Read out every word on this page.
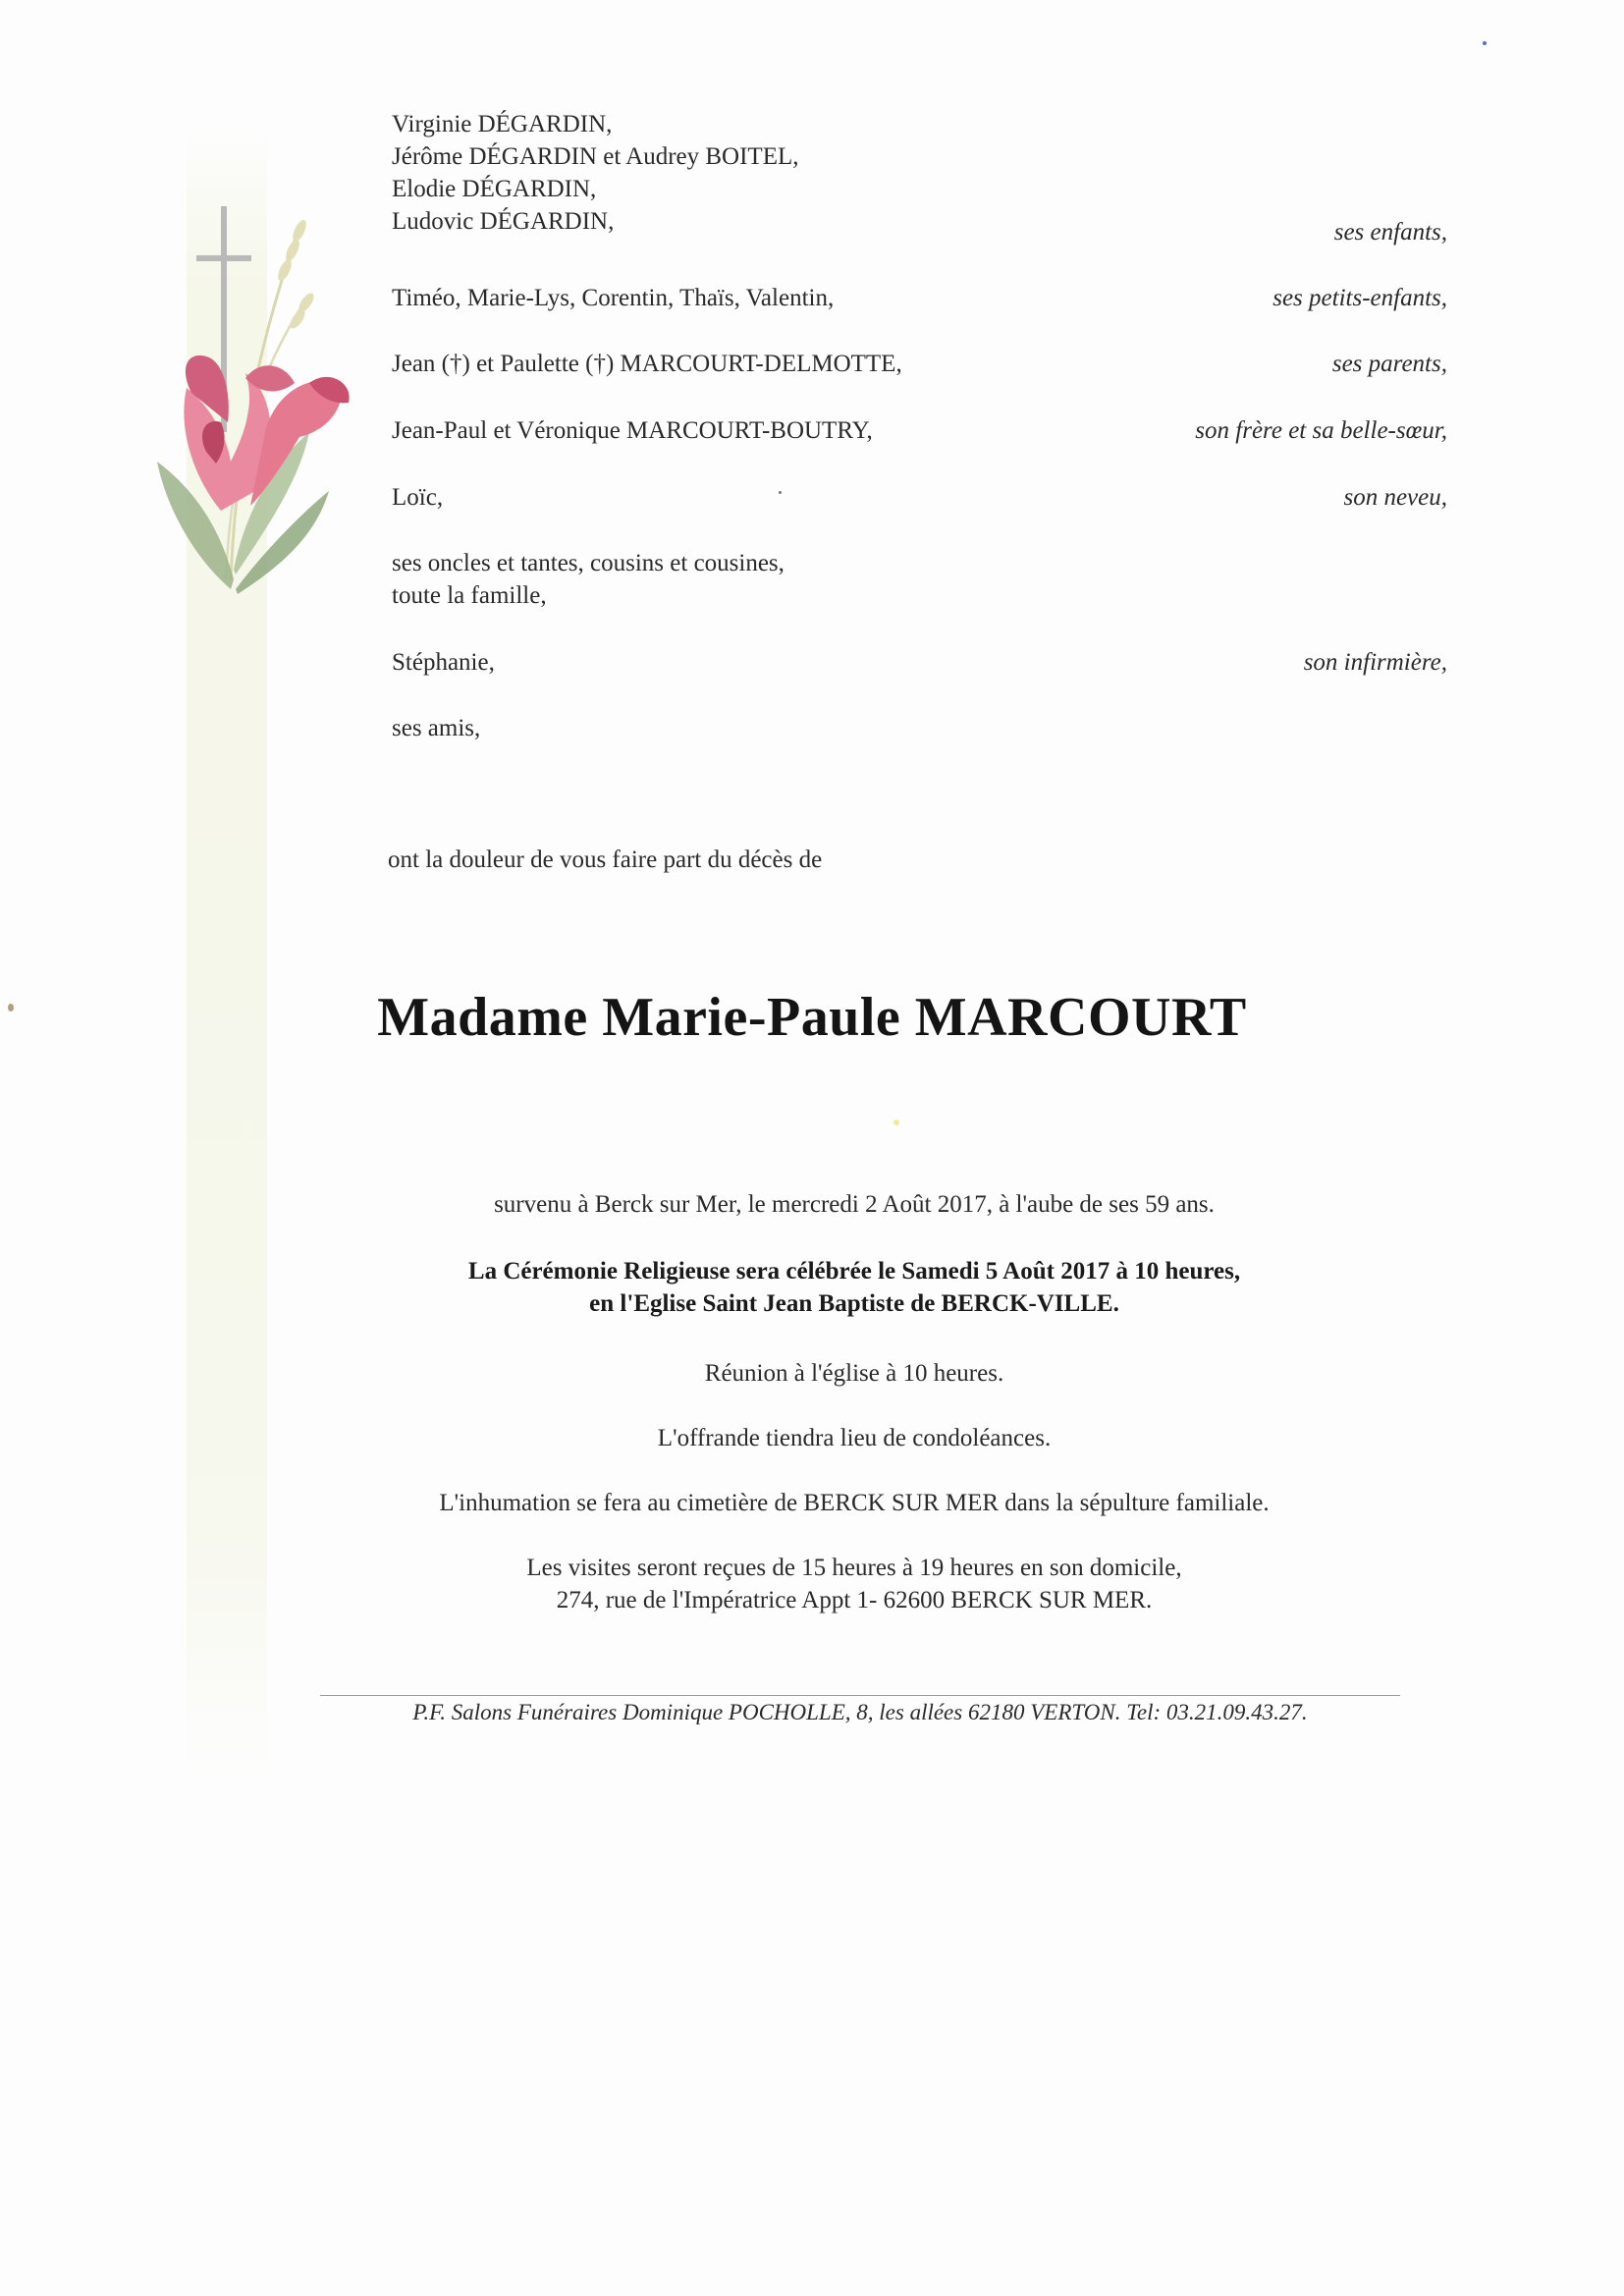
Virginie DÉGARDIN,
Jérôme DÉGARDIN et Audrey BOITEL,
Elodie DÉGARDIN,
Ludovic DÉGARDIN,	ses enfants,
Timéo, Marie-Lys, Corentin, Thaïs, Valentin,	ses petits-enfants,
Jean (†) et Paulette (†) MARCOURT-DELMOTTE,	ses parents,
Jean-Paul et Véronique MARCOURT-BOUTRY,	son frère et sa belle-sœur,
Loïc,	son neveu,
ses oncles et tantes, cousins et cousines,
toute la famille,
Stéphanie,	son infirmière,
ses amis,
ont la douleur de vous faire part du décès de
Madame Marie-Paule MARCOURT
survenu à Berck sur Mer, le mercredi 2 Août 2017, à l'aube de ses 59 ans.
La Cérémonie Religieuse sera célébrée le Samedi 5 Août 2017 à 10 heures,
en l'Eglise Saint Jean Baptiste de BERCK-VILLE.
Réunion à l'église à 10 heures.
L'offrande tiendra lieu de condoléances.
L'inhumation se fera au cimetière de BERCK SUR MER dans la sépulture familiale.
Les visites seront reçues de 15 heures à 19 heures en son domicile,
274, rue de l'Impératrice Appt 1- 62600 BERCK SUR MER.
P.F. Salons Funéraires Dominique POCHOLLE, 8, les allées 62180 VERTON. Tel: 03.21.09.43.27.
